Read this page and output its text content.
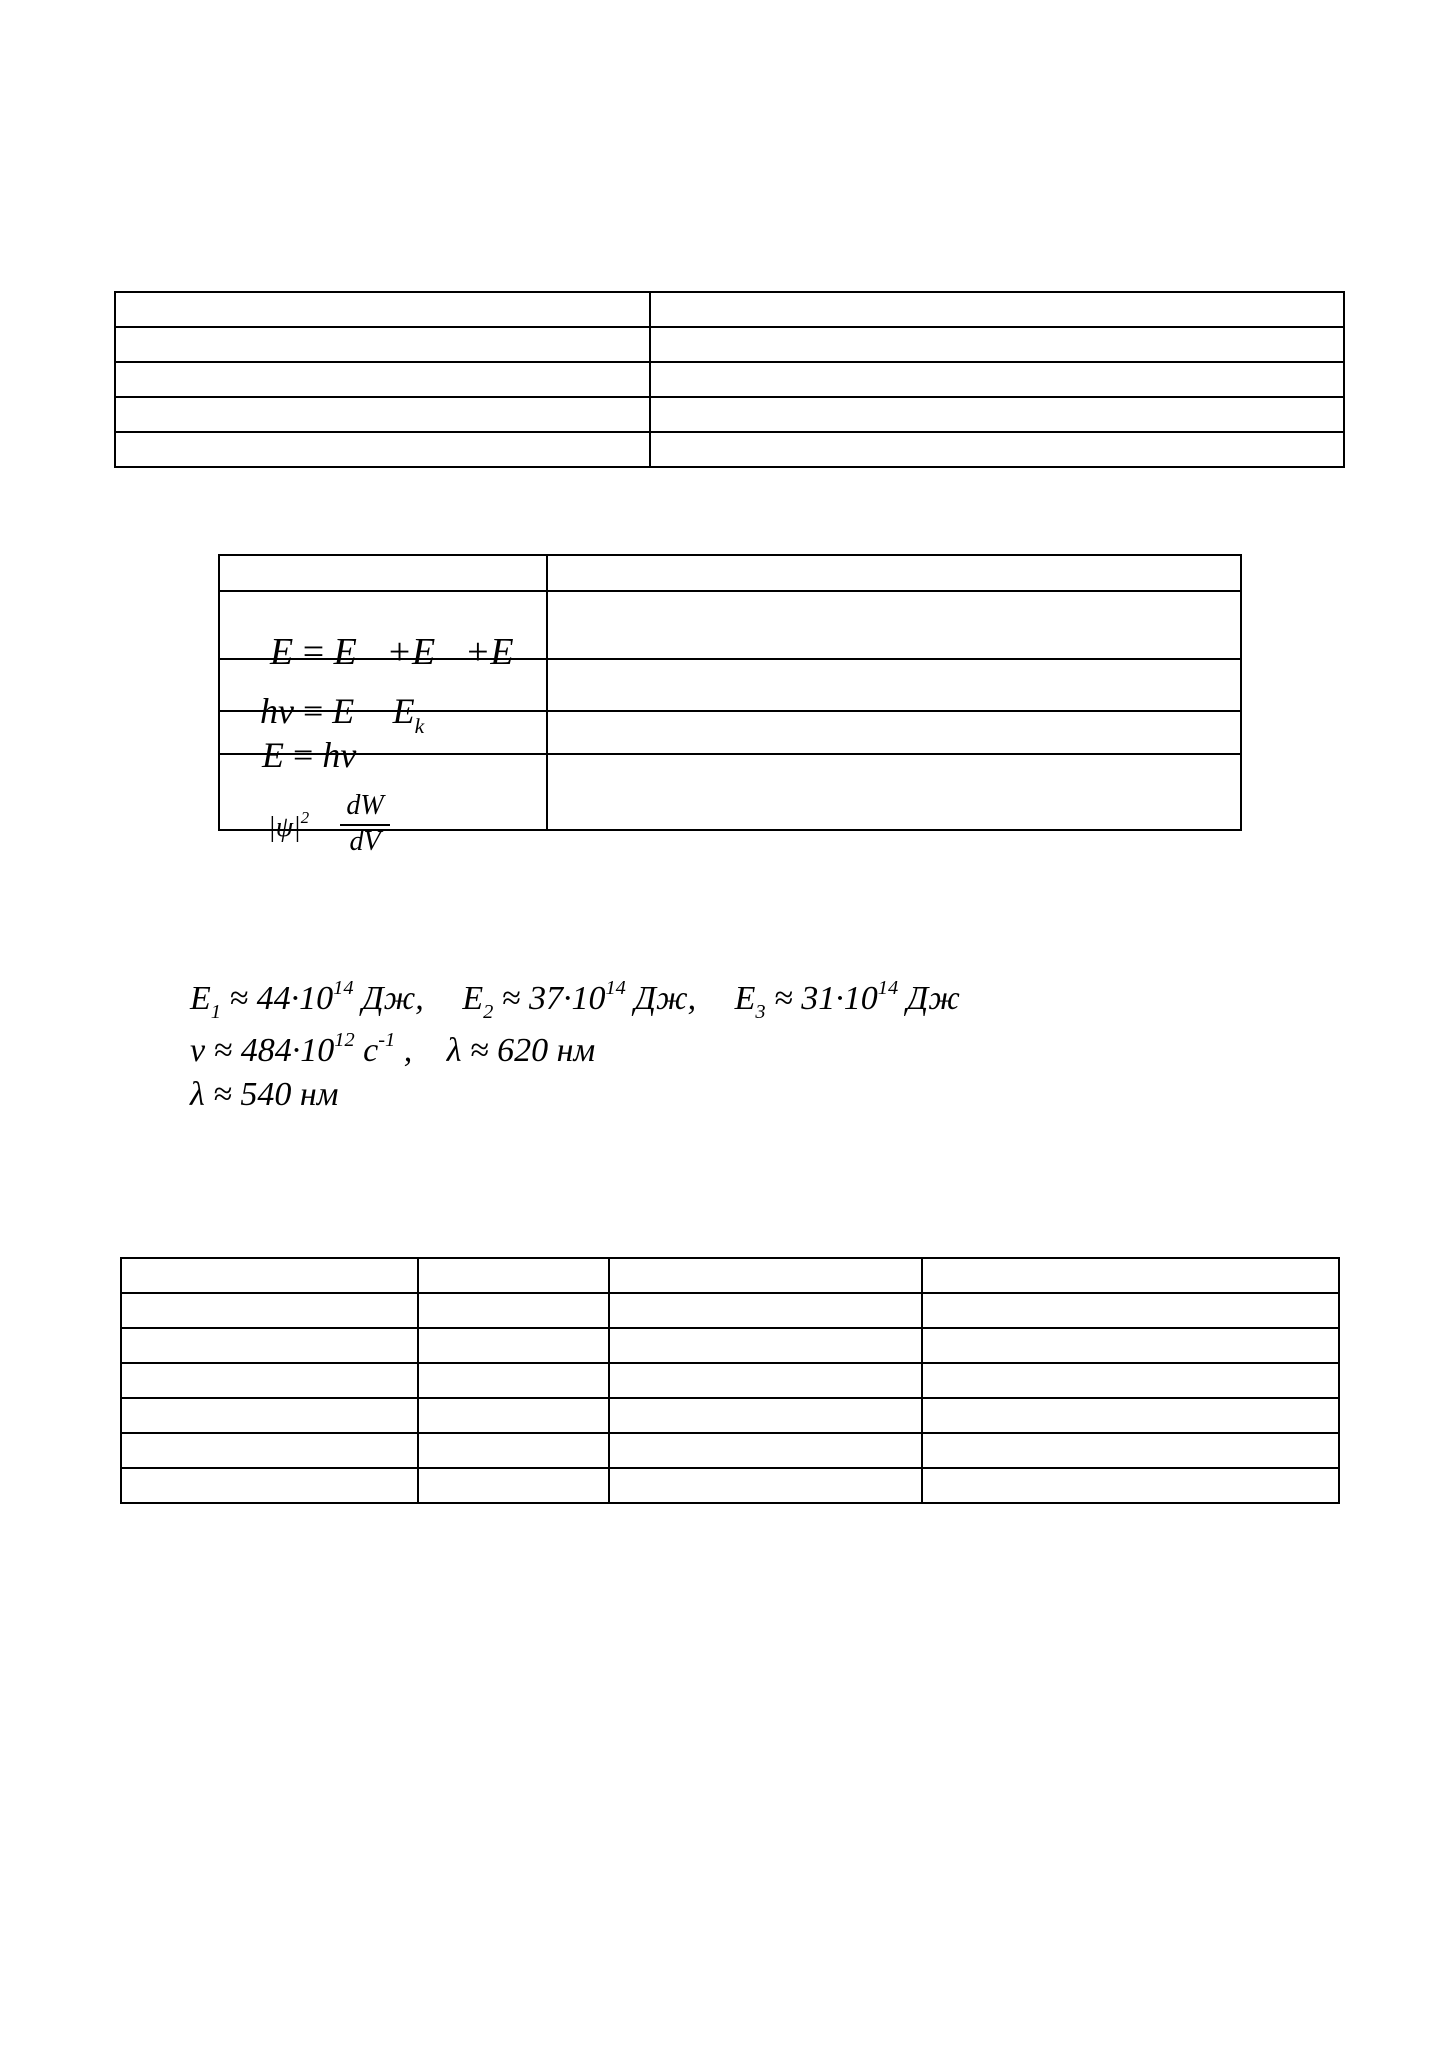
E = E +E +E	

$h\nu = E - E_k$

E = hν	

$|\psi|^2$ dW
dV	

$E_1 \approx 44\cdot 10^{14}$ Дж, $E_2 \approx 37\cdot 10^{14}$ Дж, $E_3 \approx 31\cdot 10^{14}$ Дж
$\nu \approx 484\cdot 10^{12}$ $с^{-1}$ , λ ≈ 620 нм
λ ≈ 540 нм
